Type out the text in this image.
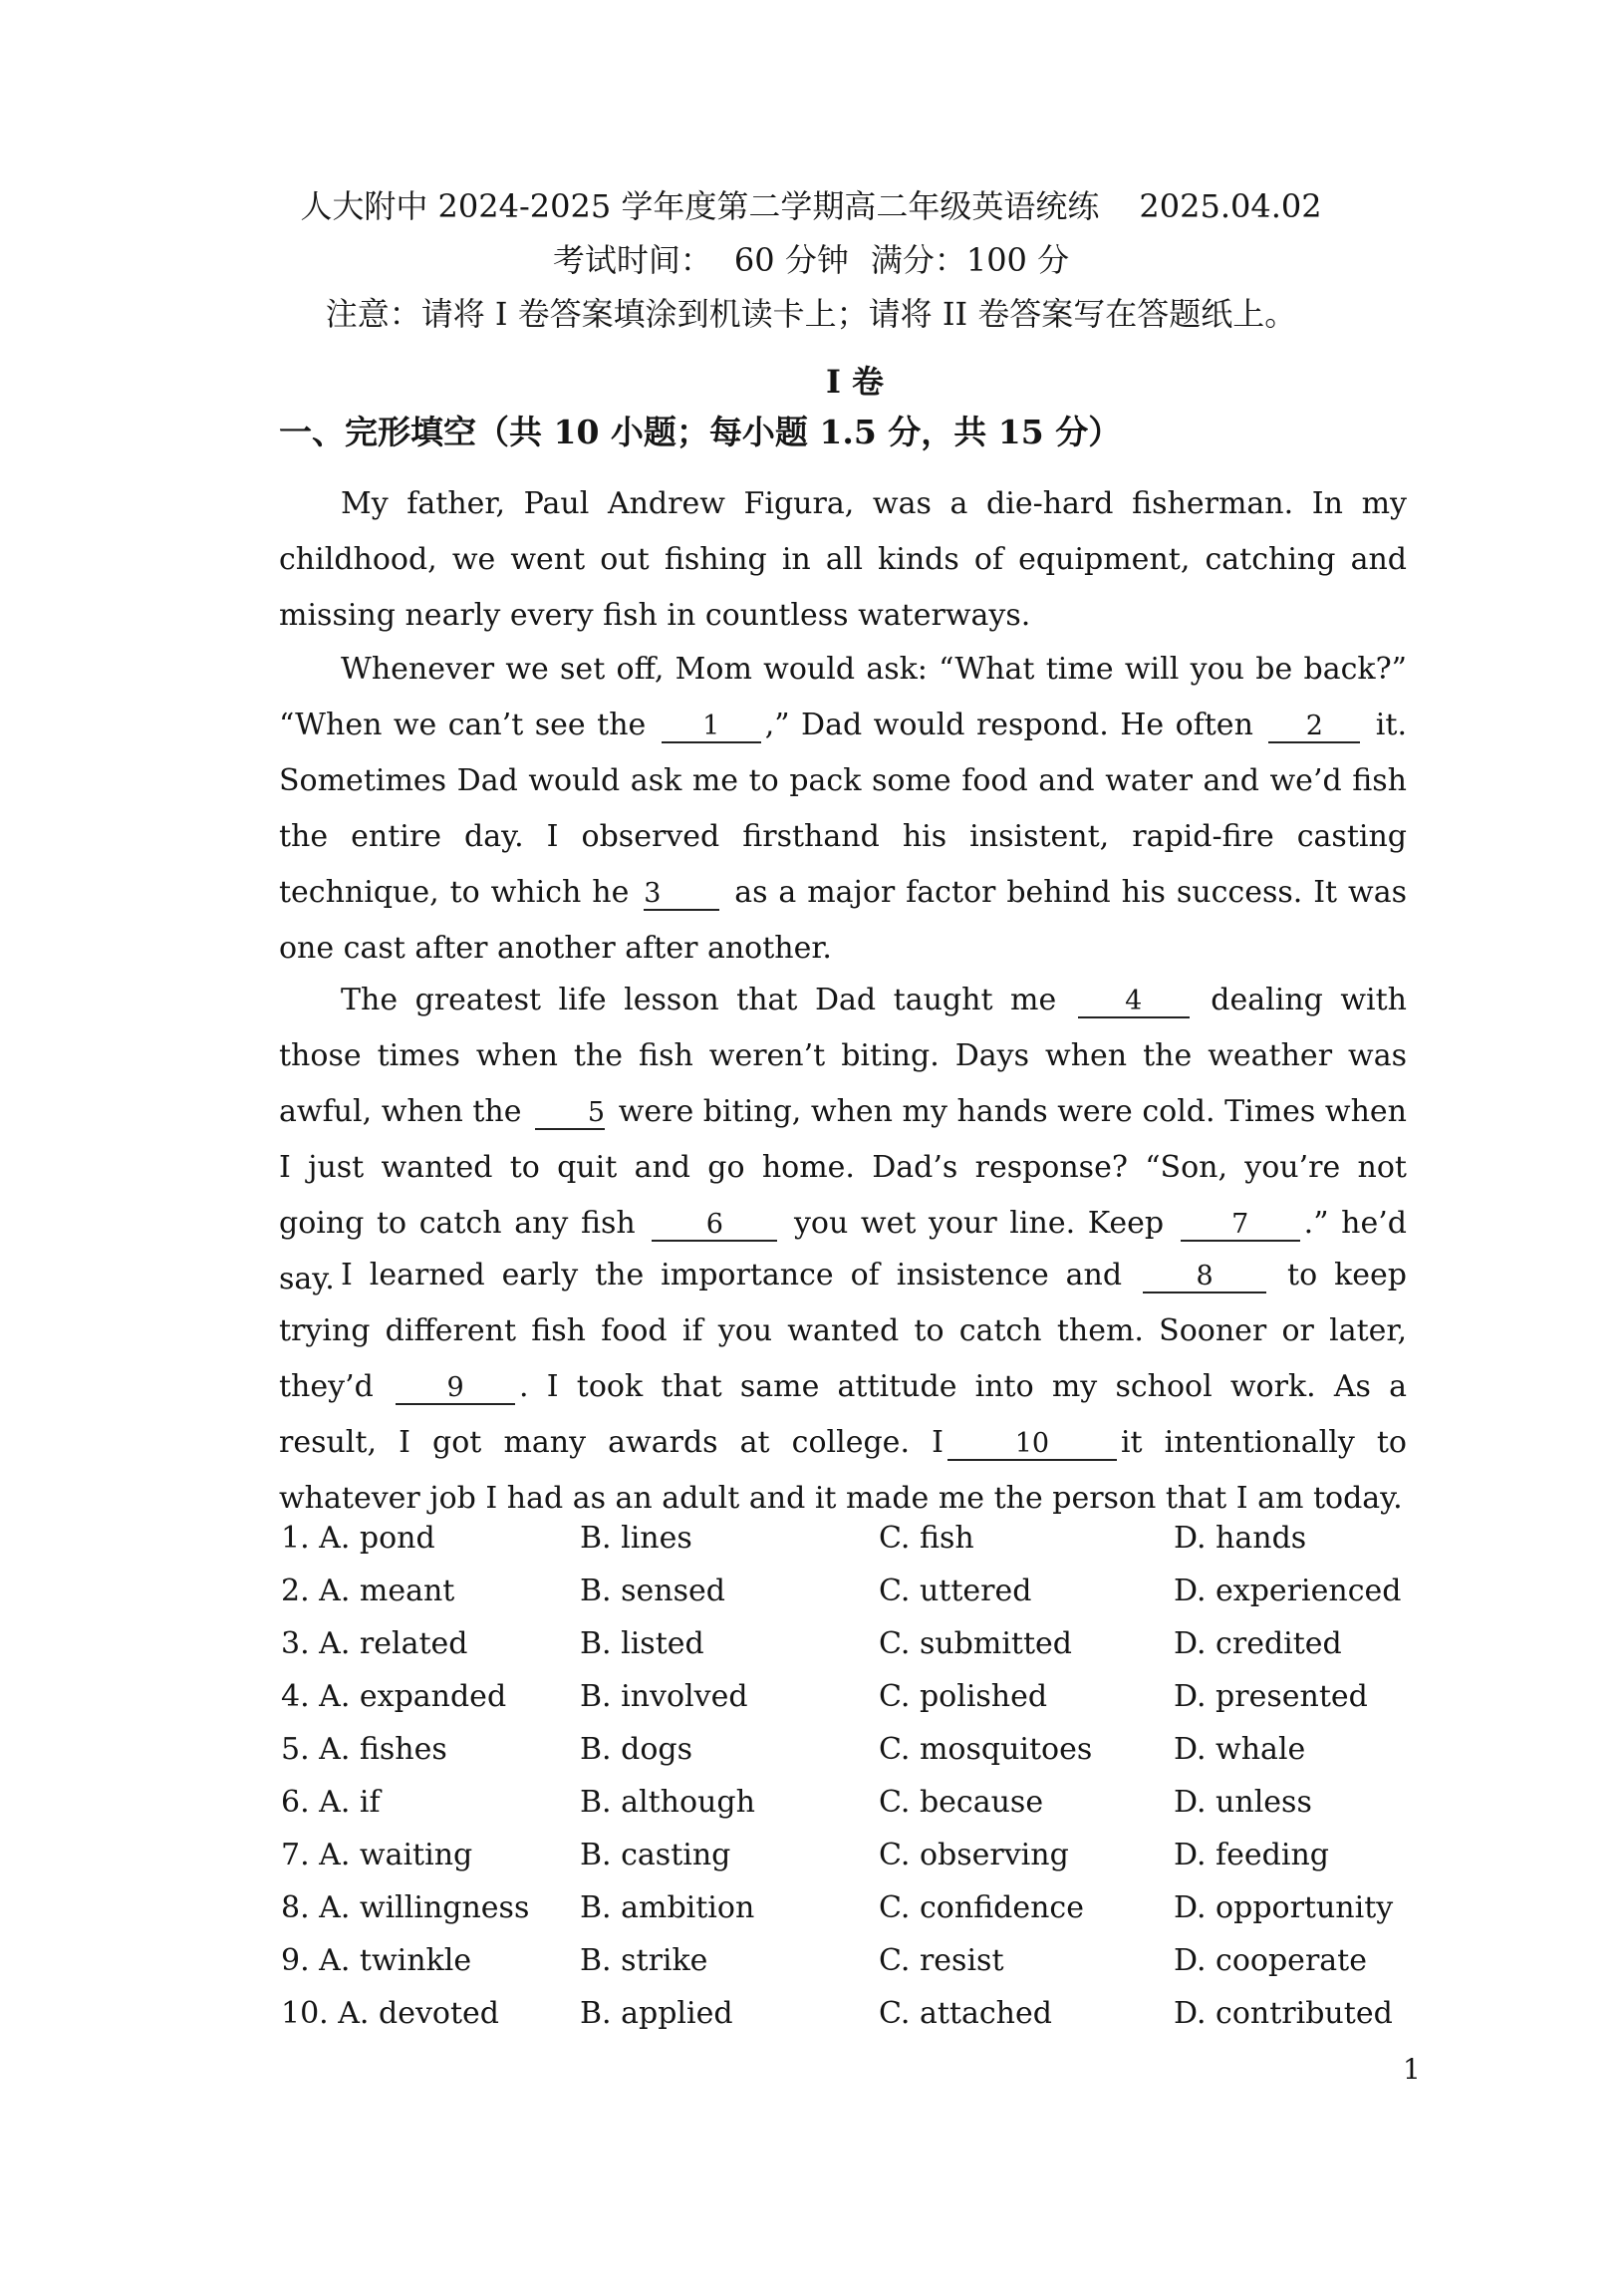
人大附中 2024-2025 学年度第二学期高二年级英语统练 2025.04.02
考试时间： 60 分钟 满分：100 分
注意：请将 I 卷答案填涂到机读卡上；请将 II 卷答案写在答题纸上。
I 卷
一、完形填空（共 10 小题；每小题 1.5 分，共 15 分）

My father, Paul Andrew Figura, was a die-hard fisherman. In my childhood, we went out fishing in all kinds of equipment, catching and missing nearly every fish in countless waterways.

Whenever we set off, Mom would ask: “What time will you be back?” “When we can’t see the 1 ,” Dad would respond. He often 2 it. Sometimes Dad would ask me to pack some food and water and we’d fish the entire day. I observed firsthand his insistent, rapid-fire casting technique, to which he 3 as a major factor behind his success. It was one cast after another after another.

The greatest life lesson that Dad taught me	4 dealing with those times when the fish weren’t biting. Days when the weather was awful, when the 5 were biting, when my hands were cold. Times when I just wanted to quit and go home. Dad’s response? “Son, you’re not going to catch any fish	6 you wet your line. Keep	7 .” he’d say. I learned early the importance of insistence and	8 to keep trying different fish food if you wanted to catch them. Sooner or later, they’d	9 . I took that same attitude into my school work. As a result, I got many awards at college. I	10 it intentionally to whatever job I had as an adult and it made me the person that I am today.

1. A. pond	B. lines	C. fish	D. hands
2. A. meant	B. sensed	C. uttered	D. experienced
3. A. related	B. listed	C. submitted	D. credited
4. A. expanded B. involved	C. polished	D. presented
5. A. fishes	B. dogs	C. mosquitoes	D. whale
6. A. if	B. although	C. because	D. unless
7. A. waiting	B. casting	C. observing	D. feeding
8. A. willingness B. ambition	C. confidence	D. opportunity
9. A. twinkle	B. strike	C. resist	D. cooperate
10. A. devoted	B. applied	C. attached	D. contributed
1
